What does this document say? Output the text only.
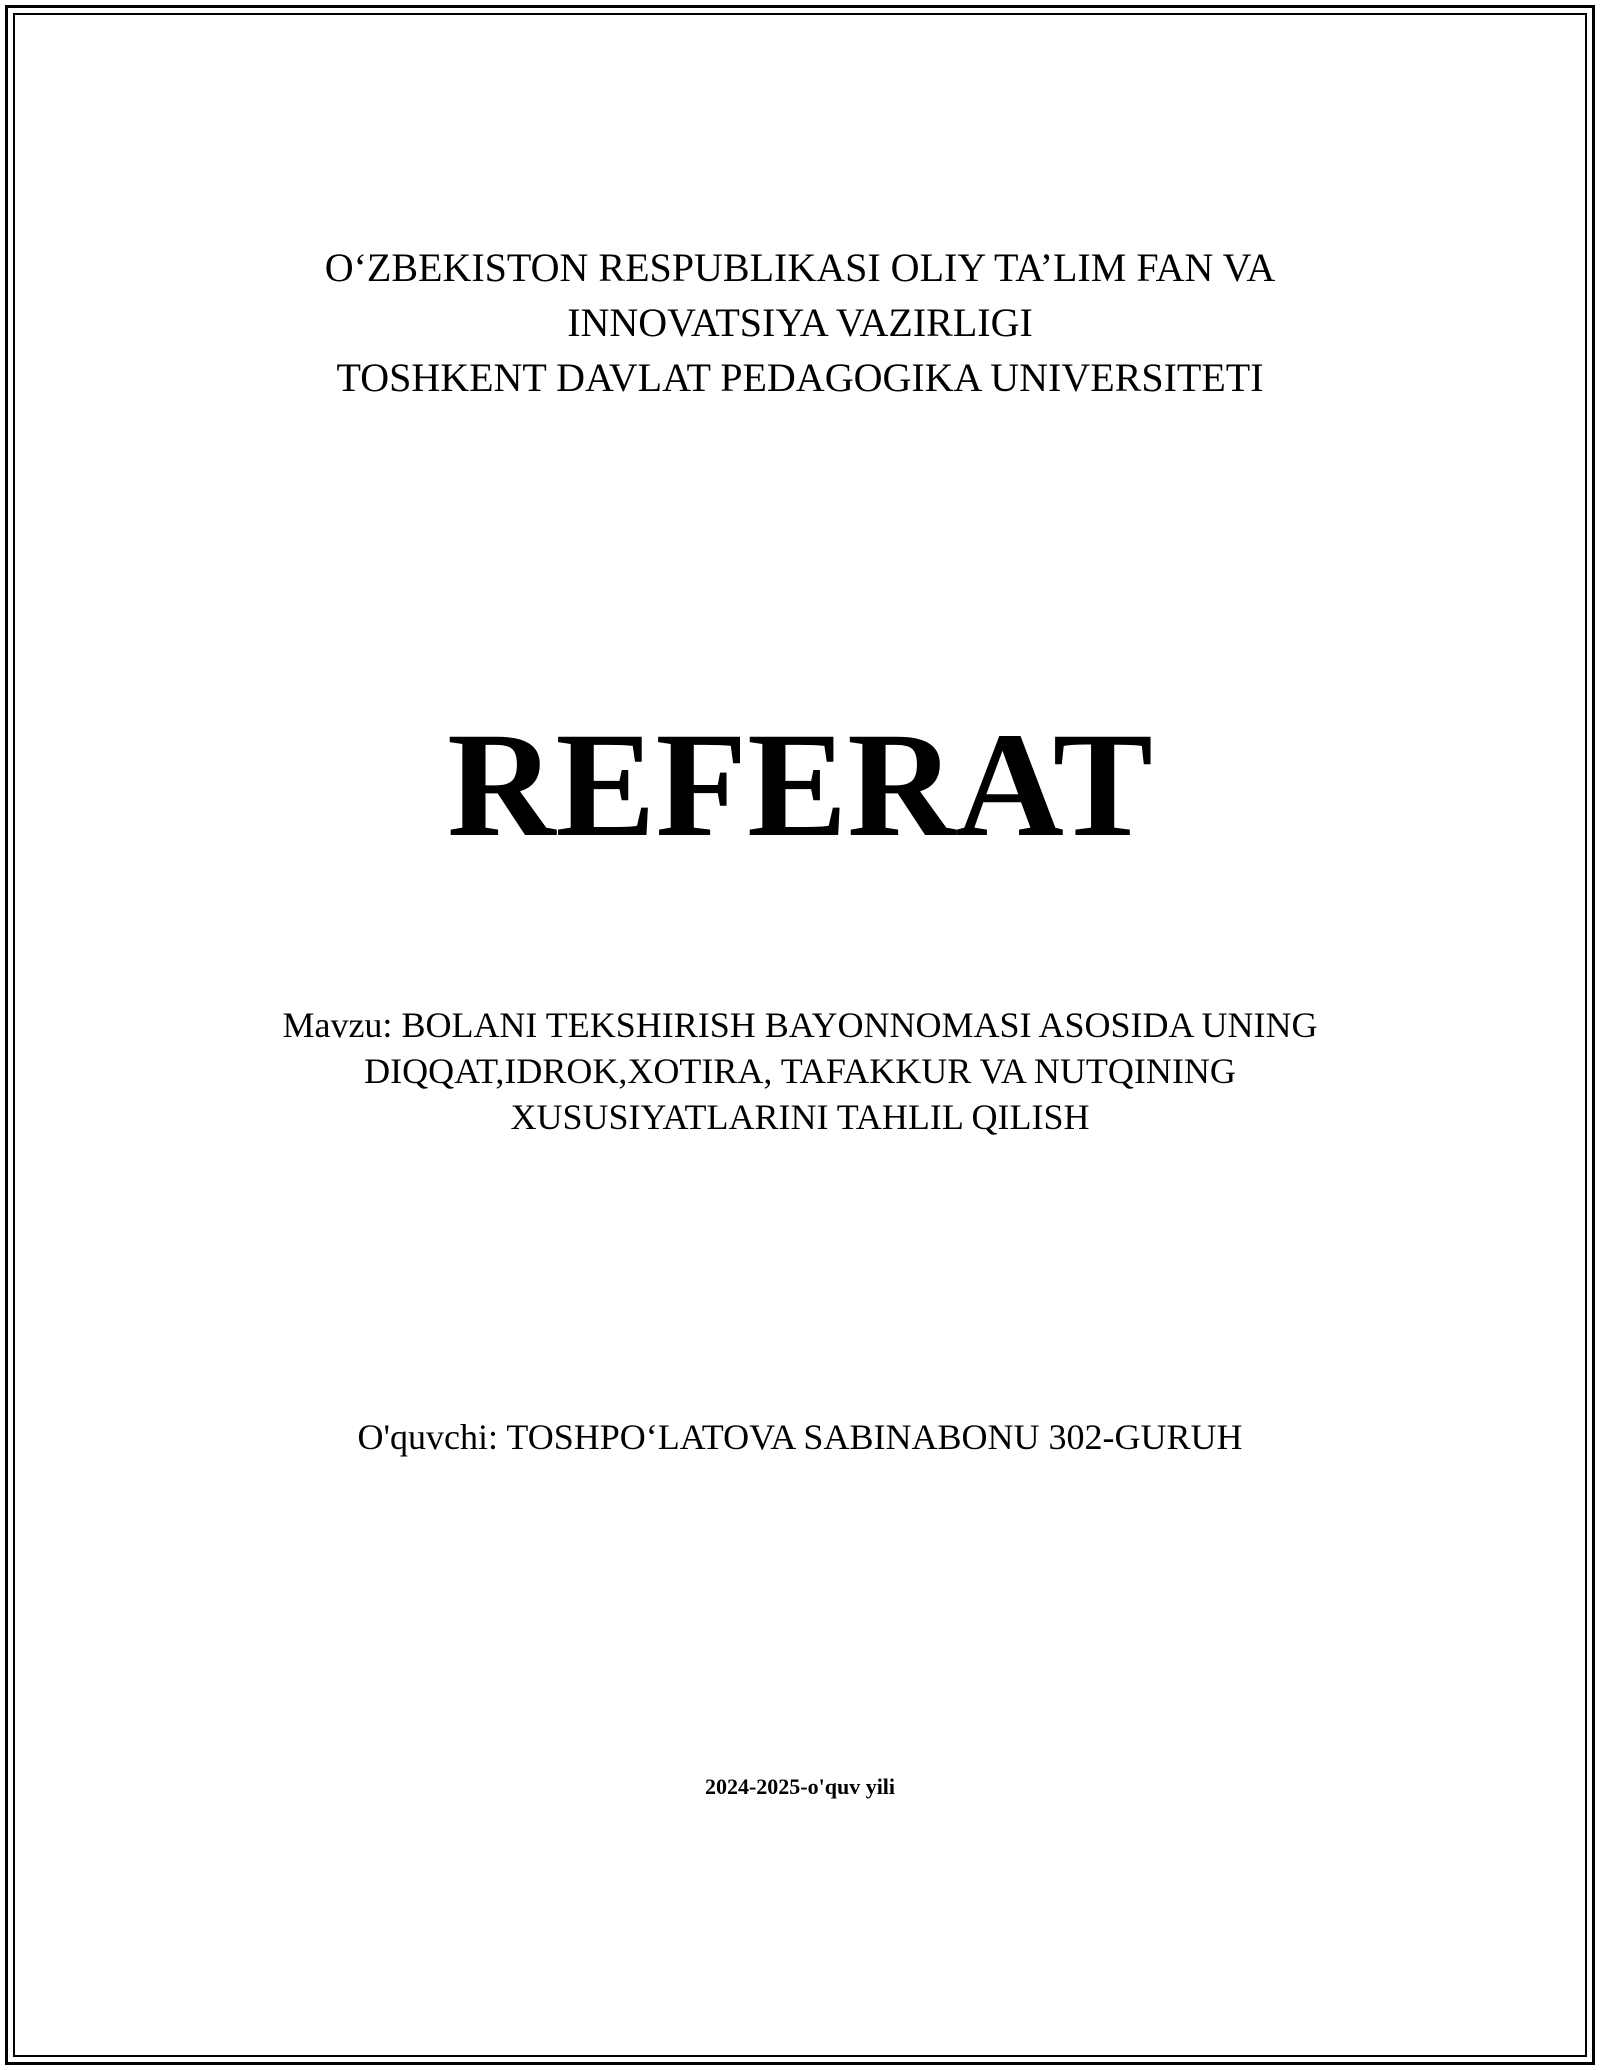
O‘ZBEKISTON RESPUBLIKASI OLIY TA’LIM FAN VA
INNOVATSIYA VAZIRLIGI
TOSHKENT DAVLAT PEDAGOGIKA UNIVERSITETI
REFERAT
Mavzu: BOLANI TEKSHIRISH BAYONNOMASI ASOSIDA UNING
DIQQAT,IDROK,XOTIRA, TAFAKKUR VA NUTQINING
XUSUSIYATLARINI TAHLIL QILISH
O'quvchi: TOSHPO‘LATOVA SABINABONU 302-GURUH
2024-2025-o'quv yili
